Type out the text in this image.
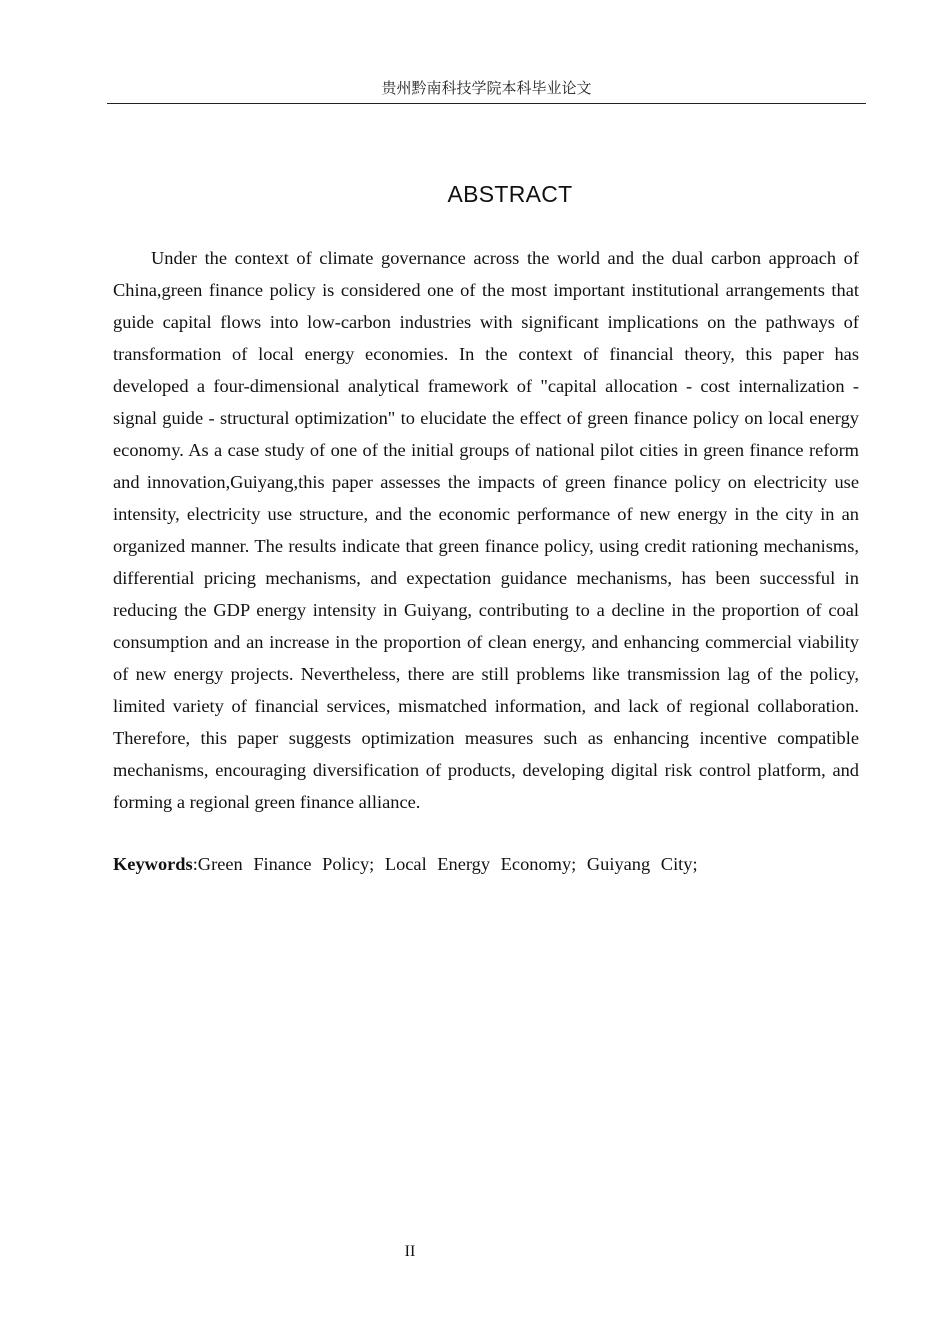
贵州黔南科技学院本科毕业论文
ABSTRACT

Under the context of climate governance across the world and the dual carbon approach of China,green finance policy is considered one of the most important institutional arrangements that guide capital flows into low-carbon industries with significant implications on the pathways of transformation of local energy economies. In the context of financial theory, this paper has developed a four-dimensional analytical framework of "capital allocation - cost internalization - signal guide - structural optimization" to elucidate the effect of green finance policy on local energy economy. As a case study of one of the initial groups of national pilot cities in green finance reform and innovation,Guiyang,this paper assesses the impacts of green finance policy on electricity use intensity, electricity use structure, and the economic performance of new energy in the city in an organized manner. The results indicate that green finance policy, using credit rationing mechanisms, differential pricing mechanisms, and expectation guidance mechanisms, has been successful in reducing the GDP energy intensity in Guiyang, contributing to a decline in the proportion of coal consumption and an increase in the proportion of clean energy, and enhancing commercial viability of new energy projects. Nevertheless, there are still problems like transmission lag of the policy, limited variety of financial services, mismatched information, and lack of regional collaboration. Therefore, this paper suggests optimization measures such as enhancing incentive compatible mechanisms, encouraging diversification of products, developing digital risk control platform, and forming a regional green finance alliance.

Keywords:Green Finance Policy; Local Energy Economy; Guiyang City;

II
